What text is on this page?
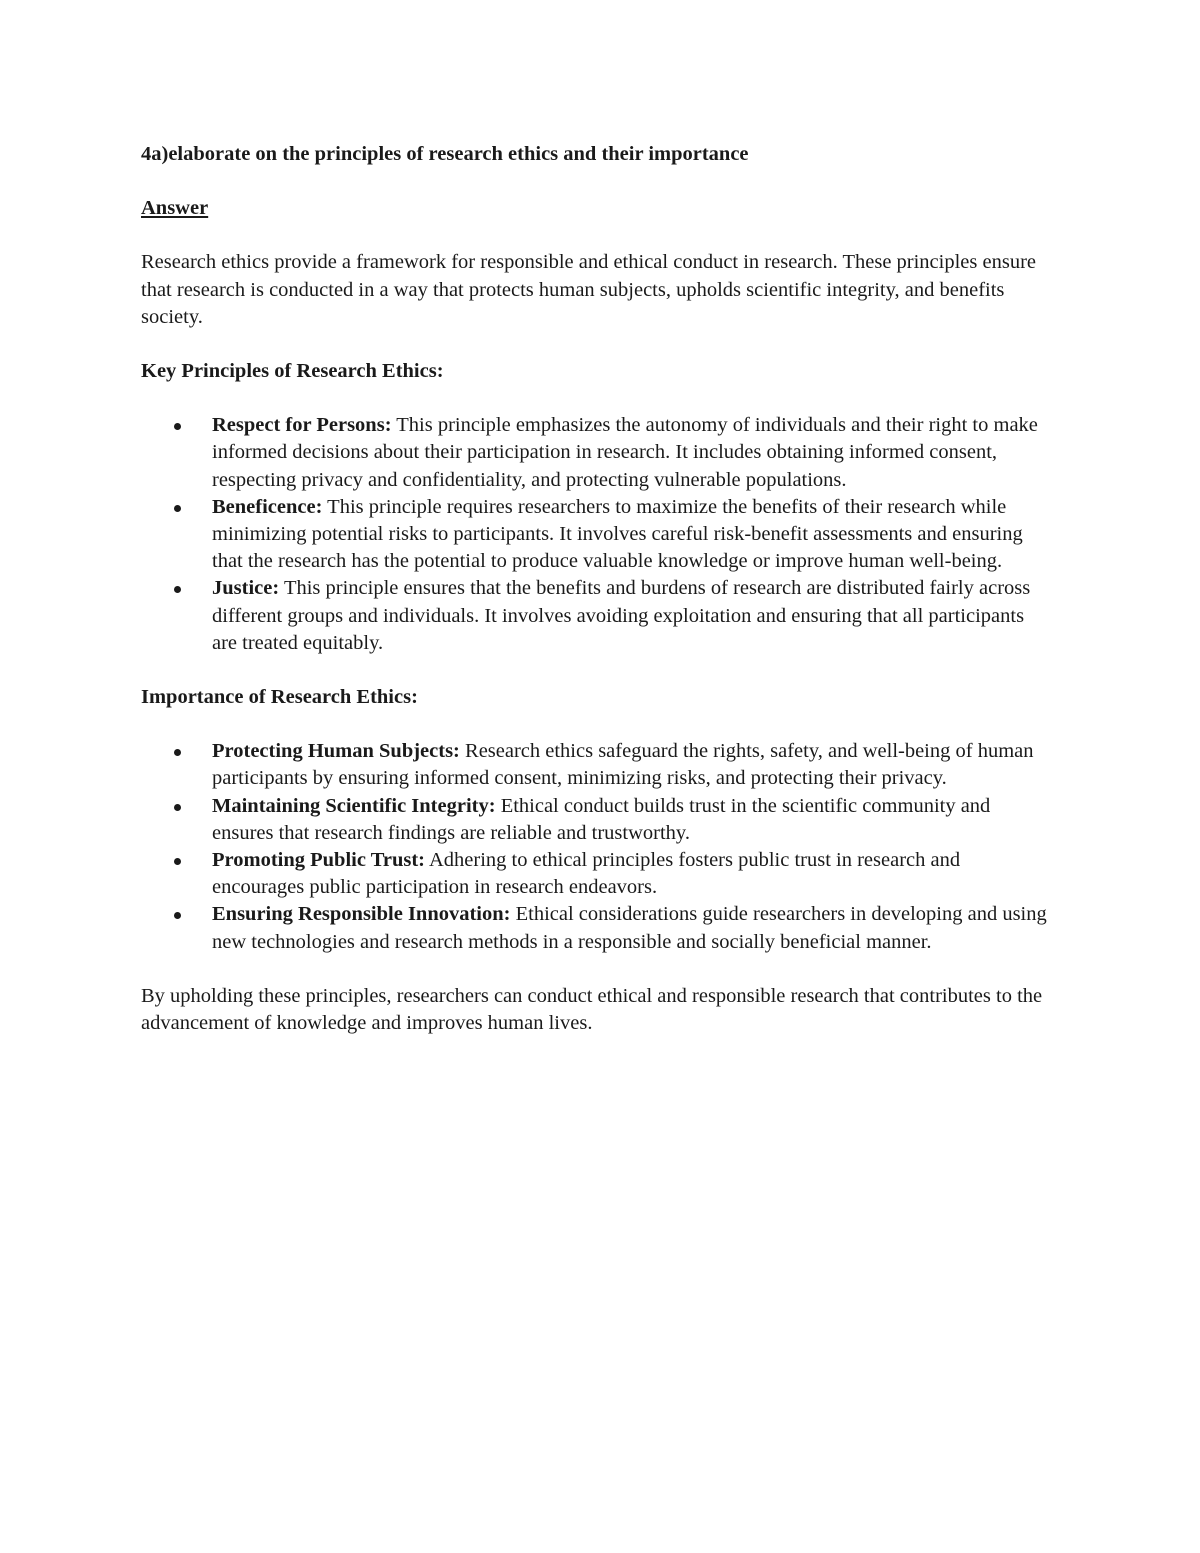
4a)elaborate on the principles of research ethics and their importance

Answer

Research ethics provide a framework for responsible and ethical conduct in research. These principles ensure that research is conducted in a way that protects human subjects, upholds scientific integrity, and benefits society.

Key Principles of Research Ethics:

Respect for Persons: This principle emphasizes the autonomy of individuals and their right to make informed decisions about their participation in research. It includes obtaining informed consent, respecting privacy and confidentiality, and protecting vulnerable populations.
Beneficence: This principle requires researchers to maximize the benefits of their research while minimizing potential risks to participants. It involves careful risk-benefit assessments and ensuring that the research has the potential to produce valuable knowledge or improve human well-being.
Justice: This principle ensures that the benefits and burdens of research are distributed fairly across different groups and individuals. It involves avoiding exploitation and ensuring that all participants are treated equitably.

Importance of Research Ethics:

Protecting Human Subjects: Research ethics safeguard the rights, safety, and well-being of human participants by ensuring informed consent, minimizing risks, and protecting their privacy.
Maintaining Scientific Integrity: Ethical conduct builds trust in the scientific community and ensures that research findings are reliable and trustworthy.
Promoting Public Trust: Adhering to ethical principles fosters public trust in research and encourages public participation in research endeavors.
Ensuring Responsible Innovation: Ethical considerations guide researchers in developing and using new technologies and research methods in a responsible and socially beneficial manner.

By upholding these principles, researchers can conduct ethical and responsible research that contributes to the advancement of knowledge and improves human lives.
